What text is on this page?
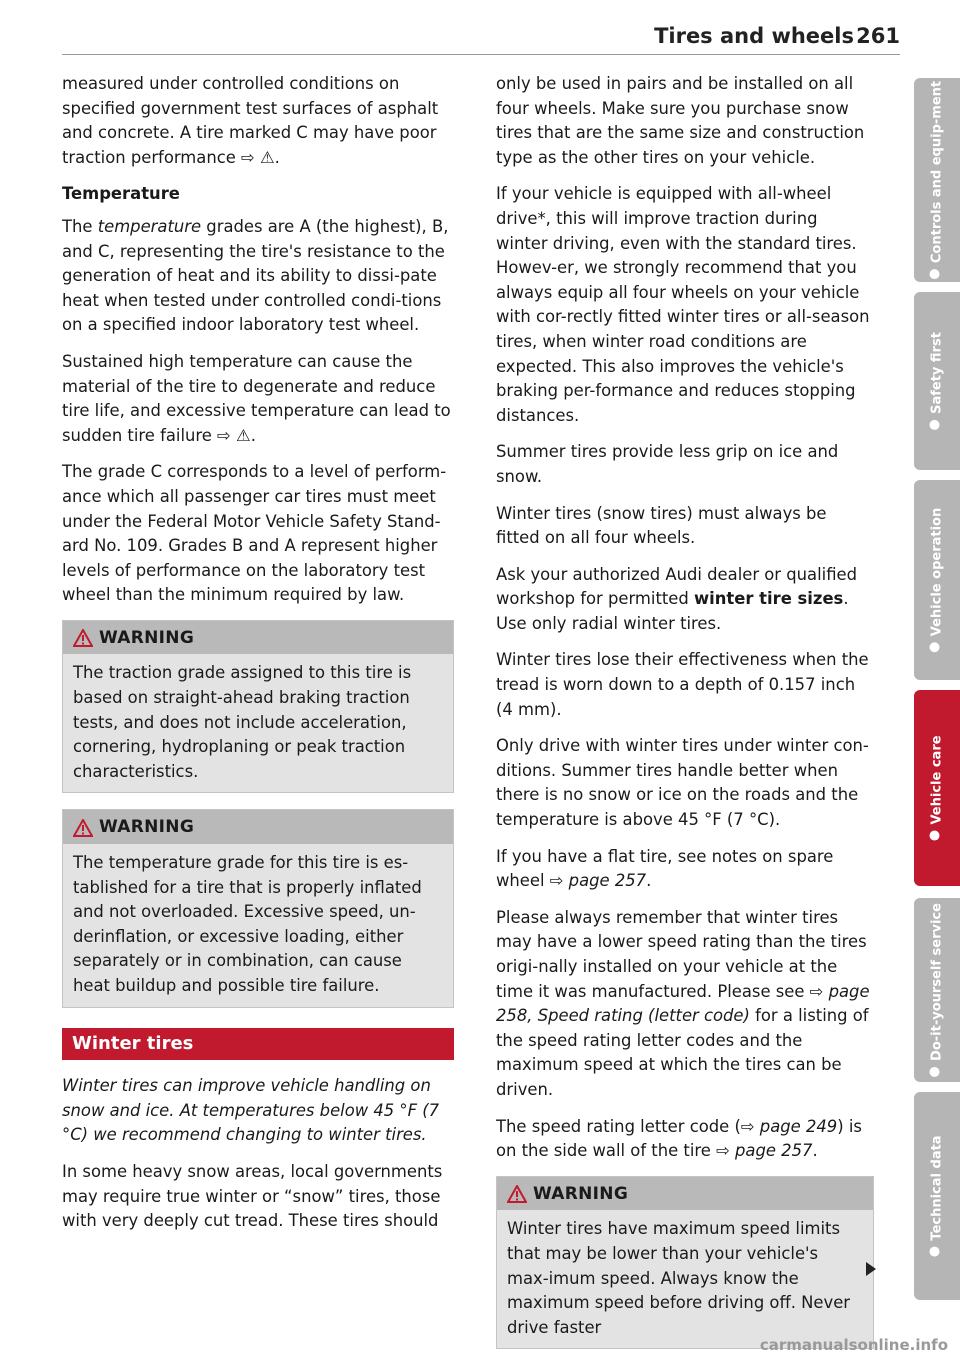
Tires and wheels 261

measured under controlled conditions on specified government test surfaces of asphalt and concrete. A tire marked C may have poor traction performance ⇨ ⚠.

Temperature

The temperature grades are A (the highest), B, and C, representing the tire's resistance to the generation of heat and its ability to dissi-pate heat when tested under controlled condi-tions on a specified indoor laboratory test wheel.

Sustained high temperature can cause the material of the tire to degenerate and reduce tire life, and excessive temperature can lead to sudden tire failure ⇨ ⚠.

The grade C corresponds to a level of perform-ance which all passenger car tires must meet under the Federal Motor Vehicle Safety Stand-ard No. 109. Grades B and A represent higher levels of performance on the laboratory test wheel than the minimum required by law.

WARNING
The traction grade assigned to this tire is based on straight-ahead braking traction tests, and does not include acceleration, cornering, hydroplaning or peak traction characteristics.
WARNING
The temperature grade for this tire is es-tablished for a tire that is properly inflated and not overloaded. Excessive speed, un-derinflation, or excessive loading, either separately or in combination, can cause heat buildup and possible tire failure.
Winter tires

Winter tires can improve vehicle handling on snow and ice. At temperatures below 45 °F (7 °C) we recommend changing to winter tires.

In some heavy snow areas, local governments may require true winter or “snow” tires, those with very deeply cut tread. These tires should

only be used in pairs and be installed on all four wheels. Make sure you purchase snow tires that are the same size and construction type as the other tires on your vehicle.

If your vehicle is equipped with all-wheel drive*, this will improve traction during winter driving, even with the standard tires. Howev-er, we strongly recommend that you always equip all four wheels on your vehicle with cor-rectly fitted winter tires or all-season tires, when winter road conditions are expected. This also improves the vehicle's braking per-formance and reduces stopping distances.

Summer tires provide less grip on ice and snow.

Winter tires (snow tires) must always be fitted on all four wheels.

Ask your authorized Audi dealer or qualified workshop for permitted winter tire sizes. Use only radial winter tires.

Winter tires lose their effectiveness when the tread is worn down to a depth of 0.157 inch (4 mm).

Only drive with winter tires under winter con-ditions. Summer tires handle better when there is no snow or ice on the roads and the temperature is above 45 °F (7 °C).

If you have a flat tire, see notes on spare wheel ⇨ page 257.

Please always remember that winter tires may have a lower speed rating than the tires origi-nally installed on your vehicle at the time it was manufactured. Please see ⇨ page 258, Speed rating (letter code) for a listing of the speed rating letter codes and the maximum speed at which the tires can be driven.

The speed rating letter code (⇨ page 249) is on the side wall of the tire ⇨ page 257.

WARNING
Winter tires have maximum speed limits that may be lower than your vehicle's max-imum speed. Always know the maximum speed before driving off. Never drive faster
Controls and equip-ment
Safety first
Vehicle operation
Vehicle care
Do-it-yourself service
Technical data
carmanualsonline.info
